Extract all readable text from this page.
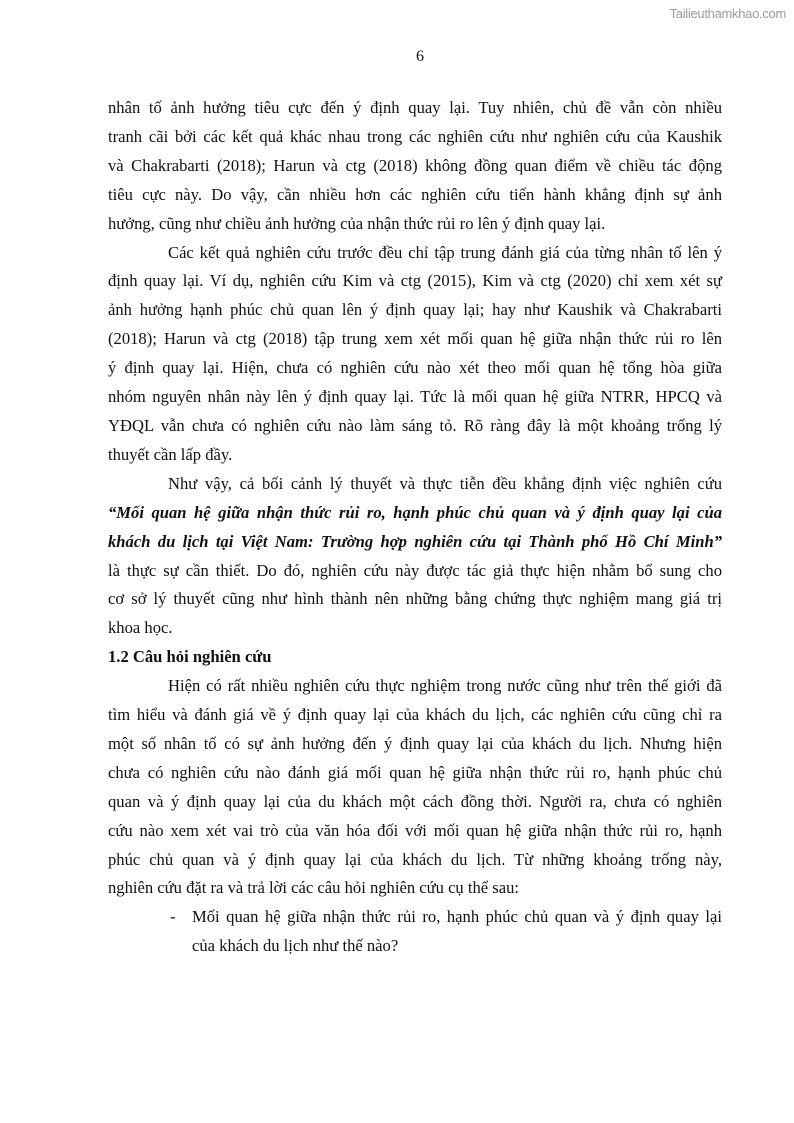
Tailieuthamkhao.com
6
nhân tố ảnh hưởng tiêu cực đến ý định quay lại. Tuy nhiên, chủ đề vẫn còn nhiều
tranh cãi bởi các kết quả khác nhau trong các nghiên cứu như nghiên cứu của Kaushik
và Chakrabarti (2018); Harun và ctg (2018) không đồng quan điểm về chiều tác động
tiêu cực này. Do vậy, cần nhiều hơn các nghiên cứu tiến hành khẳng định sự ảnh
hưởng, cũng như chiều ảnh hưởng của nhận thức rủi ro lên ý định quay lại.
Các kết quả nghiên cứu trước đều chỉ tập trung đánh giá của từng nhân tố lên ý
định quay lại. Ví dụ, nghiên cứu Kim và ctg (2015), Kim và ctg (2020) chỉ xem xét sự
ảnh hưởng hạnh phúc chủ quan lên ý định quay lại; hay như Kaushik và Chakrabarti
(2018); Harun và ctg (2018) tập trung xem xét mối quan hệ giữa nhận thức rủi ro lên
ý định quay lại. Hiện, chưa có nghiên cứu nào xét theo mối quan hệ tổng hòa giữa
nhóm nguyên nhân này lên ý định quay lại. Tức là mối quan hệ giữa NTRR, HPCQ và
YĐQL vẫn chưa có nghiên cứu nào làm sáng tỏ. Rõ ràng đây là một khoảng trống lý
thuyết cần lấp đầy.
Như vậy, cả bối cảnh lý thuyết và thực tiễn đều khẳng định việc nghiên cứu
“Mối quan hệ giữa nhận thức rủi ro, hạnh phúc chủ quan và ý định quay lại của
khách du lịch tại Việt Nam: Trường hợp nghiên cứu tại Thành phố Hồ Chí Minh”
là thực sự cần thiết. Do đó, nghiên cứu này được tác giả thực hiện nhằm bổ sung cho
cơ sở lý thuyết cũng như hình thành nên những bằng chứng thực nghiệm mang giá trị
khoa học.
1.2 Câu hỏi nghiên cứu
Hiện có rất nhiều nghiên cứu thực nghiệm trong nước cũng như trên thế giới đã
tìm hiểu và đánh giá về ý định quay lại của khách du lịch, các nghiên cứu cũng chỉ ra
một số nhân tố có sự ảnh hưởng đến ý định quay lại của khách du lịch. Nhưng hiện
chưa có nghiên cứu nào đánh giá mối quan hệ giữa nhận thức rủi ro, hạnh phúc chủ
quan và ý định quay lại của du khách một cách đồng thời. Người ra, chưa có nghiên
cứu nào xem xét vai trò của văn hóa đối với mối quan hệ giữa nhận thức rủi ro, hạnh
phúc chủ quan và ý định quay lại của khách du lịch. Từ những khoảng trống này,
nghiên cứu đặt ra và trả lời các câu hỏi nghiên cứu cụ thể sau:
- Mối quan hệ giữa nhận thức rủi ro, hạnh phúc chủ quan và ý định quay lại
của khách du lịch như thế nào?
